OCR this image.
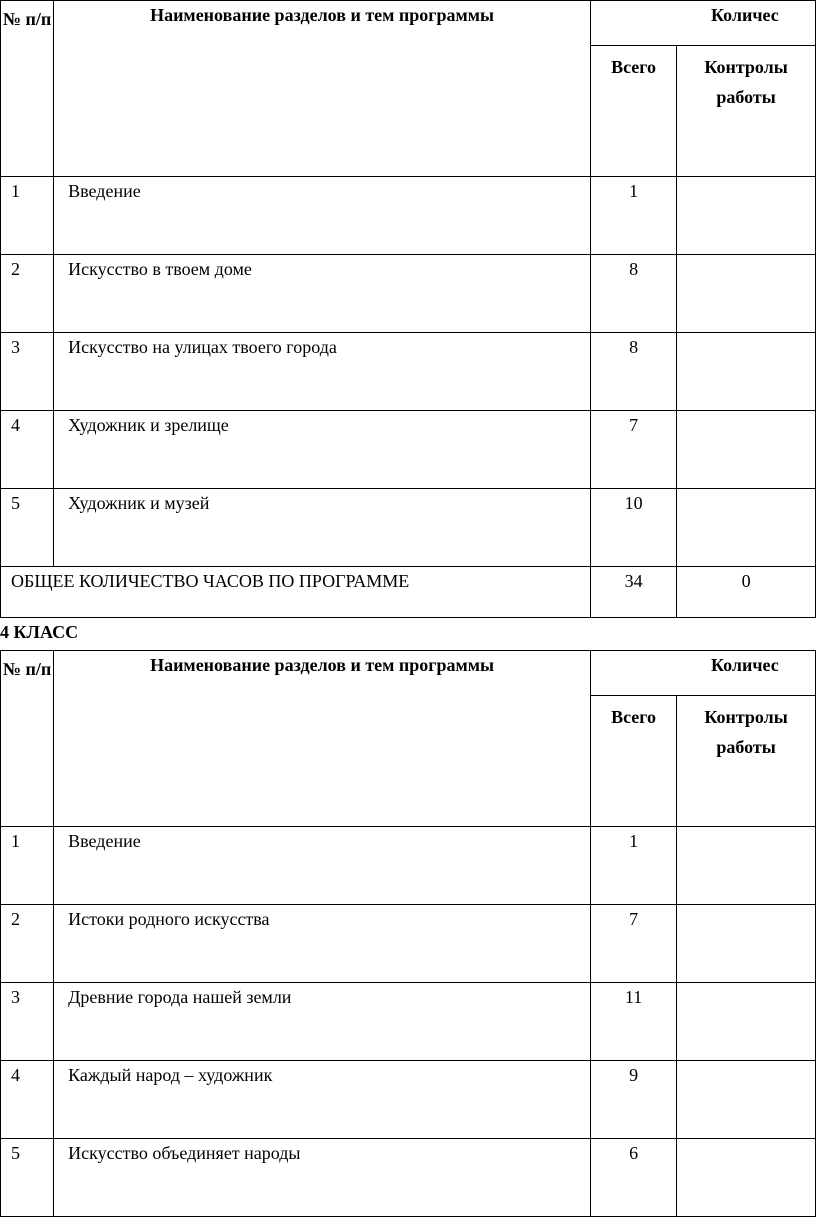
№ п/п	Наименование разделов и тем программы	Количес	
		Всего	Контролы работы
1	Введение	1	
2	Искусство в твоем доме	8	
3	Искусство на улицах твоего города	8	
4	Художник и зрелище	7	
5	Художник и музей	10	
ОБЩЕЕ КОЛИЧЕСТВО ЧАСОВ ПО ПРОГРАММЕ		34	0
4 КЛАСС
№ п/п	Наименование разделов и тем программы	Количес	
		Всего	Контролы работы
1	Введение	1	
2	Истоки родного искусства	7	
3	Древние города нашей земли	11	
4	Каждый народ – художник	9	
5	Искусство объединяет народы	6	
